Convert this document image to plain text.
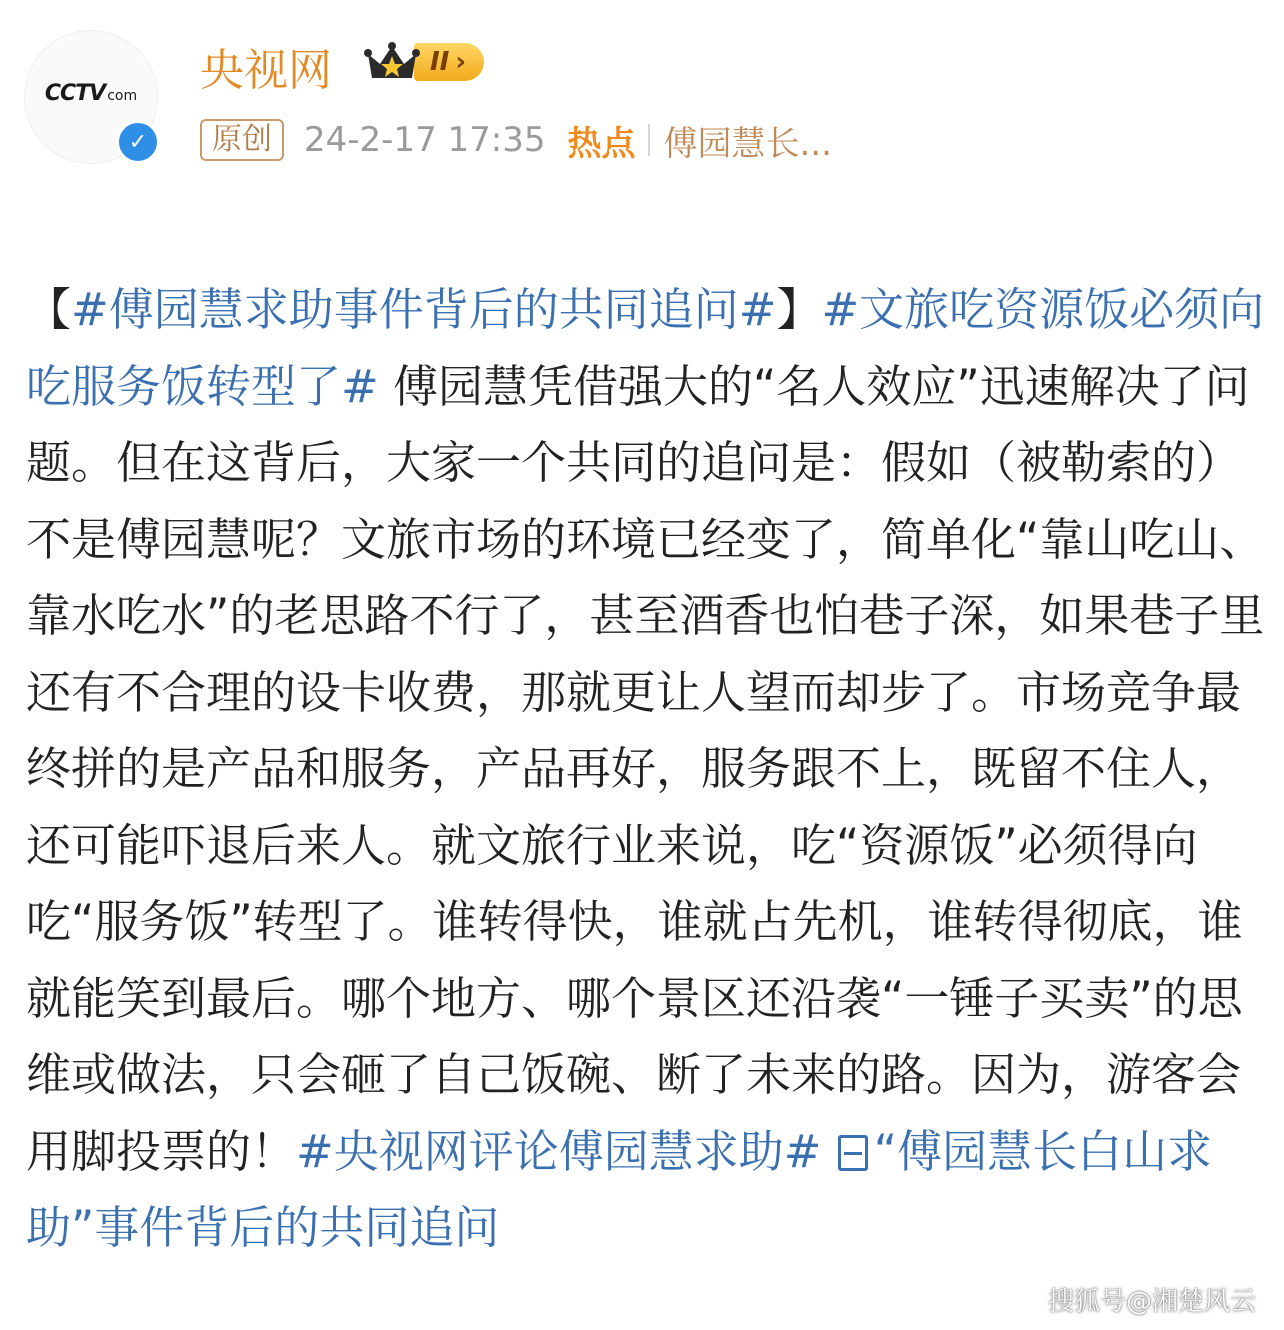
CCTV com
✓
央视网	II ›
原创 24-2-17 17:35 热点 傅园慧长...
【#傅园慧求助事件背后的共同追问#】#文旅吃资源饭必须向吃服务饭转型了# 傅园慧凭借强大的“名人效应”迅速解决了问题。但在这背后，大家一个共同的追问是：假如（被勒索的）不是傅园慧呢？文旅市场的环境已经变了，简单化“靠山吃山、靠水吃水”的老思路不行了，甚至酒香也怕巷子深，如果巷子里还有不合理的设卡收费，那就更让人望而却步了。市场竞争最终拼的是产品和服务，产品再好，服务跟不上，既留不住人，还可能吓退后来人。就文旅行业来说，吃“资源饭”必须得向吃“服务饭”转型了。谁转得快，谁就占先机，谁转得彻底，谁就能笑到最后。哪个地方、哪个景区还沿袭“一锤子买卖”的思维或做法，只会砸了自己饭碗、断了未来的路。因为，游客会用脚投票的！#央视网评论傅园慧求助# “傅园慧长白山求助”事件背后的共同追问
搜狐号@湘楚风云
